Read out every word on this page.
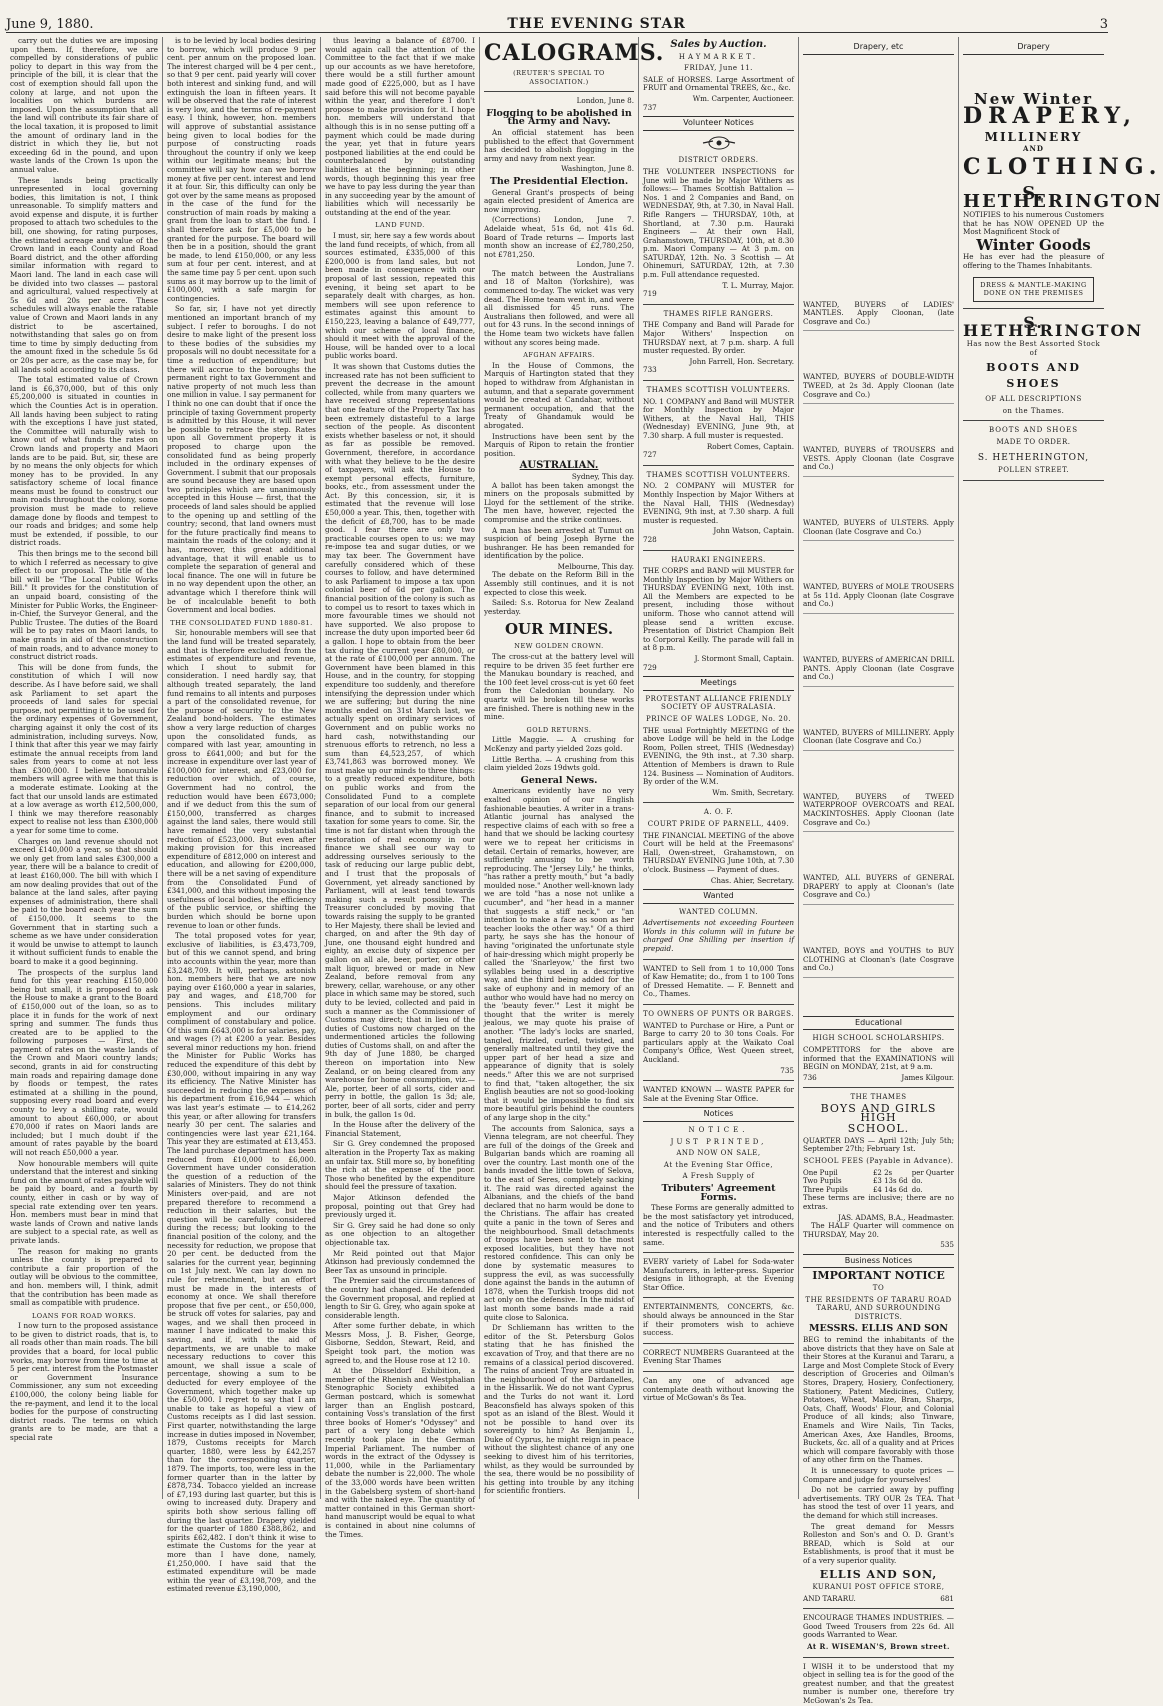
June 9, 1880.	THE EVENING STAR	3

carry out the duties we are imposing upon them. If, therefore, we are compelled by considerations of public policy to depart in this way from the principle of the bill, it is clear that the cost of exemption should fall upon the colony at large, and not upon the localities on which burdens are imposed. Upon the assumption that all the land will contribute its fair share of the local taxation, it is proposed to limit the amount of ordinary land in the district in which they lie, but not exceeding 6d in the pound, and upon waste lands of the Crown 1s upon the annual value.

These lands being practically unrepresented in local governing bodies, this limitation is not, I think unreasonable. To simplify matters and avoid expense and dispute, it is further proposed to attach two schedules to the bill, one showing, for rating purposes, the estimated acreage and value of the Crown land in each County and Road Board district, and the other affording similar information with regard to Maori land. The land in each case will be divided into two classes — pastoral and agricultural, valued respectively at 5s 6d and 20s per acre. These schedules will always enable the ratable value of Crown and Maori lands in any district to be ascertained, notwithstanding that sales go on from time to time by simply deducting from the amount fixed in the schedule 5s 6d or 20s per acre, as the case may be, for all lands sold according to its class.

The total estimated value of Crown land is £6,370,000, but of this only £5,200,000 is situated in counties in which the Counties Act is in operation. All lands having been subject to rating with the exceptions I have just stated, the Committee will naturally wish to know out of what funds the rates on Crown lands and property and Maori lands are to be paid. But, sir, these are by no means the only objects for which money has to be provided. In any satisfactory scheme of local finance means must be found to construct our main roads throughout the colony, some provision must be made to relieve damage done by floods and tempest to our roads and bridges; and some help must be extended, if possible, to our district roads.

This then brings me to the second bill to which I referred as necessary to give effect to our proposal. The title of the bill will be "The Local Public Works Bill." It provides for the constitution of an unpaid board, consisting of the Minister for Public Works, the Engineer-in-Chief, the Surveyor General, and the Public Trustee. The duties of the Board will be to pay rates on Maori lands, to make grants in aid of the construction of main roads, and to advance money to construct district roads.

This will be done from funds, the constitution of which I will now describe. As I have before said, we shall ask Parliament to set apart the proceeds of land sales for special purpose, not permitting it to be used for the ordinary expenses of Government, charging against it only the cost of its administration, including surveys. Now, I think that after this year we may fairly estimate the annual receipts from land sales from years to come at not less than £300,000. I believe honourable members will agree with me that this is a moderate estimate. Looking at the fact that our unsold lands are estimated at a low average as worth £12,500,000, I think we may therefore reasonably expect to realise not less than £300,000 a year for some time to come.

Charges on land revenue should not exceed £140,000 a year, so that should we only get from land sales £300,000 a year, there will be a balance to credit of at least £160,000. The bill with which I am now dealing provides that out of the balance at the land sales, after paying expenses of administration, there shall be paid to the board each year the sum of £150,000. It seems to the Government that in starting such a scheme as we have under consideration it would be unwise to attempt to launch it without sufficient funds to enable the board to make it a good beginning.

The prospects of the surplus land fund for this year reaching £150,000 being but small, it is proposed to ask the House to make a grant to the Board of £150,000 out of the loan, so as to place it in funds for the work of next spring and summer. The funds thus created are to be applied to the following purposes — First, the payment of rates on the waste lands of the Crown and Maori country lands; second, grants in aid for constructing main roads and repairing damage done by floods or tempest, the rates estimated at a shilling in the pound, supposing every road board and every county to levy a shilling rate, would amount to about £60,000, or about £70,000 if rates on Maori lands are included; but I much doubt if the amount of rates payable by the board will not reach £50,000 a year.

Now honourable members will quite understand that the interest and sinking fund on the amount of rates payable will be paid by board, and a fourth by county, either in cash or by way of special rate extending over ten years. Hon. members must bear in mind that waste lands of Crown and native lands are subject to a special rate, as well as private lands.

The reason for making no grants unless the county is prepared to contribute a fair proportion of the outlay will be obvious to the committee, and hon. members will, I think, admit that the contribution has been made as small as compatible with prudence.

LOANS FOR ROAD WORKS.

I now turn to the proposed assistance to be given to district roads, that is, to all roads other than main roads. The bill provides that a board, for local public works, may borrow from time to time at 5 per cent. interest from the Postmaster or Government Insurance Commissioner, any sum not exceeding £100,000, the colony being liable for the re-payment, and lend it to the local bodies for the purpose of constructing district roads. The terms on which grants are to be made, are that a special rate

is to be levied by local bodies desiring to borrow, which will produce 9 per cent. per annum on the proposed loan. The interest charged will be 4 per cent., so that 9 per cent. paid yearly will cover both interest and sinking fund, and will extinguish the loan in fifteen years. It will be observed that the rate of interest is very low, and the terms of re-payment easy. I think, however, hon. members will approve of substantial assistance being given to local bodies for the purpose of constructing roads throughout the country if only we keep within our legitimate means; but the committee will say how can we borrow money at five per cent. interest and lend it at four. Sir, this difficulty can only be got over by the same means as proposed in the case of the fund for the construction of main roads by making a grant from the loan to start the fund. I shall therefore ask for £5,000 to be granted for the purpose. The board will then be in a position, should the grant be made, to lend £150,000, or any less sum at four per cent. interest, and at the same time pay 5 per cent. upon such sums as it may borrow up to the limit of £100,000, with a safe margin for contingencies.

So far, sir, I have not yet directly mentioned an important branch of my subject. I refer to boroughs. I do not desire to make light of the present loss to these bodies of the subsidies my proposals will no doubt necessitate for a time a reduction of expenditure; but there will accrue to the boroughs the permanent right to tax Government and native property of not much less than one million in value. I say permanent for I think no one can doubt that if once the principle of taxing Government property is admitted by this House, it will never be possible to retrace the step. Rates upon all Government property it is proposed to charge upon the consolidated fund as being properly included in the ordinary expenses of Government. I submit that our proposals are sound because they are based upon two principles which are unanimously accepted in this House — first, that the proceeds of land sales should be applied to the opening up and settling of the country; second, that land owners must for the future practically find means to maintain the roads of the colony; and it has, moreover, this great additional advantage, that it will enable us to complete the separation of general and local finance. The one will in future be in no way dependent upon the other, an advantage which I therefore think will be of incalculable benefit to both Government and local bodies.

THE CONSOLIDATED FUND 1880-81.

Sir, honourable members will see that the land fund will be treated separately, and that is therefore excluded from the estimates of expenditure and revenue, which I shout to submit for consideration. I need hardly say, that although treated separately, the land fund remains to all intents and purposes a part of the consolidated revenue, for the purpose of security to the New Zealand bond-holders. The estimates show a very large reduction of charges upon the consolidated funds, as compared with last year, amounting in gross to £641,000; and but for the increase in expenditure over last year of £100,000 for interest, and £23,000 for reduction over which, of course, Government had no control, the reduction would have been £673,000; and if we deduct from this the sum of £150,000, transferred as charges against the land sales, there would still have remained the very substantial reduction of £523,000. But even after making provision for this increased expenditure of £812,000 on interest and education, and allowing for £200,000, there will be a net saving of expenditure from the Consolidated Fund of £341,000, and this without imposing the usefulness of local bodies, the efficiency of the public service, or shifting the burden which should be borne upon revenue to loan or other funds.

The total proposed votes for year, exclusive of liabilities, is £3,473,709, but of this we cannot spend, and bring into accounts within the year, more than £3,248,709. It will, perhaps, astonish hon. members here that we are now paying over £160,000 a year in salaries, pay and wages, and £18,700 for pensions. This includes military employment and our ordinary compliment of constabulary and police. Of this sum £643,000 is for salaries, pay, and wages (?) at £200 a year. Besides several minor reductions my hon. friend the Minister for Public Works has reduced the expenditure of this debt by £30,000, without impairing in any way its efficiency. The Native Minister has succeeded in reducing the expenses of his department from £16,944 — which was last year's estimate — to £14,262 this year, or after allowing for transfers nearly 30 per cent. The salaries and contingencies were last year £21,164. This year they are estimated at £13,453. The land purchase department has been reduced from £10,000 to £6,000. Government have under consideration the question of a reduction of the salaries of Ministers. They do not think Ministers over-paid, and are not prepared therefore to recommend a reduction in their salaries, but the question will be carefully considered during the recess; but looking to the financial position of the colony, and the necessity for reduction, we propose that 20 per cent. be deducted from the salaries for the current year, beginning on 1st July next. We can lay down no rule for retrenchment, but an effort must be made in the interests of economy at once. We shall therefore propose that five per cent., or £50,000, be struck off votes for salaries, pay and wages, and we shall then proceed in manner I have indicated to make this saving, and if, with the aid of departments, we are unable to make necessary reductions to cover this amount, we shall issue a scale of percentage, showing a sum to be deducted for every employee of the Government, which together make up the £50,000. I regret to say that I am unable to take as hopeful a view of Customs receipts as I did last session. First quarter, notwithstanding the large increase in duties imposed in November, 1879, Customs receipts for March quarter, 1880, were less by £42,257 than for the corresponding quarter, 1879. The imports, too, were less in the former quarter than in the latter by £878,734. Tobacco yielded an increase of £7,193 during last quarter, but this is owing to increased duty. Drapery and spirits both show serious falling off during the last quarter. Drapery yielded for the quarter of 1880 £388,862, and spirits £62,482. I don't think it wise to estimate the Customs for the year at more than I have done, namely, £1,250,000. I have said that the estimated expenditure will be made within the year of £3,198,709, and the estimated revenue £3,190,000,

thus leaving a balance of £8700. I would again call the attention of the Committee to the fact that if we make up our accounts as we have heretofore, there would be a still further amount made good of £225,000, but as I have said before this will not become payable within the year, and therefore I don't propose to make provision for it. I hope hon. members will understand that although this is in no sense putting off a payment which could be made during the year, yet that in future years postponed liabilities at the end could be counterbalanced by outstanding liabilities at the beginning; in other words, though beginning this year free we have to pay less during the year than in any succeeding year by the amount of liabilities which will necessarily be outstanding at the end of the year.

LAND FUND.

I must, sir, here say a few words about the land fund receipts, of which, from all sources estimated, £335,000 of this £200,000 is from land sales, but not been made in consequence with our proposal of last session, repeated this evening, it being set apart to be separately dealt with charges, as hon. members will see upon reference to estimates against this amount to £150,223, leaving a balance of £49,777, which our scheme of local finance, should it meet with the approval of the House, will be handed over to a local public works board.

It was shown that Customs duties the increased rate has not been sufficient to prevent the decrease in the amount collected, while from many quarters we have received strong representations that one feature of the Property Tax has been extremely distasteful to a large section of the people. As discontent exists whether baseless or not, it should as far as possible be removed. Government, therefore, in accordance with what they believe to be the desire of taxpayers, will ask the House to exempt personal effects, furniture, books, etc., from assessment under the Act. By this concession, sir, it is estimated that the revenue will lose £50,000 a year. This, then, together with the deficit of £8,700, has to be made good. I fear there are only two practicable courses open to us: we may re-impose tea and sugar duties, or we may tax beer. The Government have carefully considered which of these courses to follow, and have determined to ask Parliament to impose a tax upon colonial beer of 6d per gallon. The financial position of the colony is such as to compel us to resort to taxes which in more favourable times we should not have supported. We also propose to increase the duty upon imported beer 6d a gallon. I hope to obtain from the beer tax during the current year £80,000, or at the rate of £100,000 per annum. The Government have been blamed in this House, and in the country, for stopping expenditure too suddenly, and therefore intensifying the depression under which we are suffering; but during the nine months ended on 31st March last, we actually spent on ordinary services of Government and on public works no hard cash, notwithstanding our strenuous efforts to retrench, no less a sum than £4,523,257, of which £3,741,863 was borrowed money. We must make up our minds to three things: to a greatly reduced expenditure, both on public works and from the Consolidated Fund to a complete separation of our local from our general finance, and to submit to increased taxation for some years to come. Sir, the time is not far distant when through the restoration of real economy in our finance we shall see our way to addressing ourselves seriously to the task of reducing our large public debt, and I trust that the proposals of Government, yet already sanctioned by Parliament, will at least tend towards making such a result possible. The Treasurer concluded by moving that towards raising the supply to be granted to Her Majesty, there shall be levied and charged, on and after the 9th day of June, one thousand eight hundred and eighty, an excise duty of sixpence per gallon on all ale, beer, porter, or other malt liquor, brewed or made in New Zealand, before removal from any brewery, cellar, warehouse, or any other place in which same may be stored, such duty to be levied, collected and paid in such a manner as the Commissioner of Customs may direct; that in lieu of the duties of Customs now charged on the undermentioned articles the following duties of Customs shall, on and after the 9th day of June 1880, be charged thereon on importation into New Zealand, or on being cleared from any warehouse for home consumption, viz.— Ale, porter, beer of all sorts, cider and perry in bottle, the gallon 1s 3d; ale, porter, beer of all sorts, cider and perry in bulk, the gallon 1s 0d.

In the House after the delivery of the Financial Statement,

Sir G. Grey condemned the proposed alteration in the Property Tax as making an unfair tax. Still more so, by bonefiting the rich at the expense of the poor. Those who benefited by the expenditure should feel the pressure of taxation.

Major Atkinson defended the proposal, pointing out that Grey had previously urged it.

Sir G. Grey said he had done so only as one objection to an altogether objectionable tax.

Mr Reid pointed out that Major Atkinson had previously condemned the Beer Tax as unsound in principle.

The Premier said the circumstances of the country had changed. He defended the Government proposal, and replied at length to Sir G. Grey, who again spoke at considerable length.

After some further debate, in which Messrs Moss, J. B. Fisher, George, Gisborne, Seddon, Stewart, Reid, and Speight took part, the motion was agreed to, and the House rose at 12 10.

At the Düsseldorf Exhibition, a member of the Rhenish and Westphalian Stenographic Society exhibited a German postcard, which is somewhat larger than an English postcard, containing Voss's translation of the first three books of Homer's "Odyssey" and part of a very long debate which recently took place in the German Imperial Parliament. The number of words in the extract of the Odyssey is 11,000, while in the Parliamentary debate the number is 22,000. The whole of the 33,000 words have been written in the Gabelsberg system of short-hand and with the naked eye. The quantity of matter contained in this German short-hand manuscript would be equal to what is contained in about nine columns of the Times.

CALOGRAMS.
(REUTER'S SPECIAL TO ASSOCIATION.)
London, June 8.
Flogging to be abolished in the Army and Navy.

An official statement has been published to the effect that Government has decided to abolish flogging in the army and navy from next year.

Washington, June 8.
The Presidential Election.

General Grant's prospects of being again elected president of America are now improving.

(Corrections) London, June 7. Adelaide wheat, 51s 6d, not 41s 6d. Board of Trade returns — Imports last month show an increase of £2,780,250, not £781,250.

London, June 7.

The match between the Australians and 18 of Malton (Yorkshire), was commenced to-day. The wicket was very dead. The Home team went in, and were all dismissed for 45 runs. The Australians then followed, and were all out for 43 runs. In the second innings of the Home team two wickets have fallen without any scores being made.

AFGHAN AFFAIRS.

In the House of Commons, the Marquis of Hartington stated that they hoped to withdraw from Afghanistan in autumn, and that a separate government would be created at Candahar, without permanent occupation, and that the Treaty of Ghandamuk would be abrogated.

Instructions have been sent by the Marquis of Ripon to retain the frontier position.

AUSTRALIAN.
Sydney, This day.

A ballot has been taken amongst the miners on the proposals submitted by Lloyd for the settlement of the strike. The men have, however, rejected the compromise and the strike continues.

A man has been arrested at Tumut on suspicion of being Joseph Byrne the bushranger. He has been remanded for identification by the police.

Melbourne, This day.

The debate on the Reform Bill in the Assembly still continues, and it is not expected to close this week.

Sailed: S.s. Rotorua for New Zealand yesterday.

OUR MINES.
NEW GOLDEN CROWN.

The cross-cut at the battery level will require to be driven 35 feet further ere the Manukau boundary is reached, and the 100 feet level cross-cut is yet 60 feet from the Caledonian boundary. No quartz will be broken till these works are finished. There is nothing new in the mine.

GOLD RETURNS.

Little Maggie. — A crushing for McKenzy and party yielded 2ozs gold.

Little Bertha. — A crushing from this claim yielded 2ozs 19dwts gold.

General News.

Americans evidently have no very exalted opinion of our English fashionable beauties. A writer in a trans-Atlantic journal has analysed the respective claims of each with so free a hand that we should be lacking courtesy were we to repeat her criticisms in detail. Certain of remarks, however, are sufficiently amusing to be worth reproducing. The "Jersey Lily," he thinks, "has rather a pretty mouth," but "a badly moulded nose." Another well-known lady we are told "has a nose not unlike a cucumber", and "her head in a manner that suggests a stiff neck," or "an intention to make a face as soon as her teacher looks the other way." Of a third party, he says she has the honour of having "originated the unfortunate style of hair-dressing which might properly be called the 'Snarleyow,' the first two syllables being used in a descriptive way, and the third being added for the sake of euphony and in memory of an author who would have had no mercy on the 'beauty fever.'" Lest it might be thought that the writer is merely jealous, we may quote his praise of another. "The lady's locks are snarled, tangled, frizzled, curled, twisted, and generally maltreated until they give the upper part of her head a size and appearance of dignity that is solely needs." After this we are not surprised to find that, "taken altogether, the six English beauties are not so good-looking that it would be impossible to find six more beautiful girls behind the counters of any large shop in the city."

The accounts from Salonica, says a Vienna telegram, are not cheerful. They are full of the doings of the Greek and Bulgarian bands which are roaming all over the country. Last month one of the bands invaded the little town of Selova, to the east of Seres, completely sacking it. The raid was directed against the Albanians, and the chiefs of the band declared that no harm would be done to the Christians. The affair has created quite a panic in the town of Seres and the neighbourhood. Small detachments of troops have been sent to the most exposed localities, but they have not restored confidence. This can only be done by systematic measures to suppress the evil, as was successfully done against the bands in the autumn of 1878, when the Turkish troops did not act only on the defensive. In the midst of last month some bands made a raid quite close to Salonica.

Dr Schliemann has written to the editor of the St. Petersburg Golos stating that he has finished the excavation of Troy, and that there are no remains of a classical period discovered. The ruins of ancient Troy are situated in the neighbourhood of the Dardanelles, in the Hissarlik. We do not want Cyprus and the Turks do not want it. Lord Beaconsfield has always spoken of this spot as an island of the Blest. Would it not be possible to hand over its sovereignty to him? As Benjamin I., Duke of Cyprus, he might reign in peace without the slightest chance of any one seeking to divest him of his territories, whilst, as they would be surrounded by the sea, there would be no possibility of his getting into trouble by any itching for scientific frontiers.

Sales by Auction.
HAYMARKET.
FRIDAY, June 11.

SALE of HORSES. Large Assortment of FRUIT and Ornamental TREES, &c., &c.

Wm. Carpenter, Auctioneer.
737
Volunteer Notices
DISTRICT ORDERS.

THE VOLUNTEER INSPECTIONS for June will be made by Major Withers as follows:— Thames Scottish Battalion — Nos. 1 and 2 Companies and Band, on WEDNESDAY, 9th, at 7.30, in Naval Hall. Rifle Rangers — THURSDAY, 10th, at Shortland, at 7.30 p.m. Hauraki Engineers — At their own Hall, Grahamstown, THURSDAY, 10th, at 8.30 p.m. Maori Company — At 3 p.m. on SATURDAY, 12th. No. 3 Scottish — At Ohinemuri, SATURDAY, 12th, at 7.30 p.m. Full attendance requested.

T. L. Murray, Major.
719
THAMES RIFLE RANGERS.

THE Company and Band will Parade for Major Withers' Inspection on THURSDAY next, at 7 p.m. sharp. A full muster requested. By order.

John Farrell, Hon. Secretary.
733
THAMES SCOTTISH VOLUNTEERS.

NO. 1 COMPANY and Band will MUSTER for Monthly Inspection by Major Withers, at the Naval Hall, THIS (Wednesday) EVENING, June 9th, at 7.30 sharp. A full muster is requested.

Robert Comes, Captain.
727
THAMES SCOTTISH VOLUNTEERS.

NO. 2 COMPANY will MUSTER for Monthly Inspection by Major Withers at the Naval Hall, THIS (Wednesday) EVENING, 9th inst, at 7.30 sharp. A full muster is requested.

John Watson, Captain.
728
HAURAKI ENGINEERS.

THE CORPS and BAND will MUSTER for Monthly Inspection by Major Withers on THURSDAY EVENING next, 10th inst. All the Members are expected to be present, including those without uniform. Those who cannot attend will please send a written excuse. Presentation of District Champion Belt to Corporal Keilly. The parade will fall in at 8 p.m.

J. Stormont Small, Captain.
729
Meetings
PROTESTANT ALLIANCE FRIENDLY SOCIETY OF AUSTRALASIA.
PRINCE OF WALES LODGE, No. 20.

THE usual Fortnightly MEETING of the above Lodge will be held in the Lodge Room, Pollen street, THIS (Wednesday) EVENING, the 9th inst., at 7.30 sharp. Attention of Members is drawn to Rule 124. Business — Nomination of Auditors. By order of the W.M.

Wm. Smith, Secretary.
A. O. F.
COURT PRIDE OF PARNELL, 4409.

THE FINANCIAL MEETING of the above Court will be held at the Freemasons' Hall, Owen-street, Grahamstown, on THURSDAY EVENING June 10th, at 7.30 o'clock. Business — Payment of dues.

Chas. Ahier, Secretary.
Wanted
WANTED COLUMN.

Advertisements not exceeding Fourteen Words in this column will in future be charged One Shilling per insertion if prepaid.

WANTED to Sell from 1 to 10,000 Tons of Kaw Hematite; do., from 1 to 100 Tons of Dressed Hematite. — F. Bennett and Co., Thames.

TO OWNERS OF PUNTS OR BARGES.

WANTED to Purchase or Hire, a Punt or Barge to carry 20 to 30 tons Coals. For particulars apply at the Waikato Coal Company's Office, West Queen street, Auckland.

735

WANTED KNOWN — WASTE PAPER for Sale at the Evening Star Office.

Notices
NOTICE.
JUST PRINTED,
AND NOW ON SALE,
At the Evening Star Office,
A Fresh Supply of
Tributers' Agreement Forms.

These Forms are generally admitted to be the most satisfactory yet introduced, and the notice of Tributers and others interested is respectfully called to the same.

EVERY variety of Label for Soda-water Manufacturers, in letter-press. Superior designs in lithograph, at the Evening Star Office.

ENTERTAINMENTS, CONCERTS, &c. should always be announced in the Star if their promoters wish to achieve success.

CORRECT NUMBERS Guaranteed at the Evening Star Thames

Can any one of advanced age contemplate death without knowing the virtue of McGowan's 8s Tea.

Drapery, etc
WANTED, BUYERS of LADIES' MANTLES. Apply Cloonan, (late Cosgrave and Co.)
WANTED, BUYERS of DOUBLE-WIDTH TWEED, at 2s 3d. Apply Cloonan (late Cosgrave and Co.)
WANTED, BUYERS of TROUSERS and VESTS. Apply Cloonan (late Cosgrave and Co.)
WANTED, BUYERS of ULSTERS. Apply Cloonan (late Cosgrave and Co.)
WANTED, BUYERS of MOLE TROUSERS at 5s 11d. Apply Cloonan (late Cosgrave and Co.)
WANTED, BUYERS of AMERICAN DRILL PANTS. Apply Cloonan (late Cosgrave and Co.)
WANTED, BUYERS of MILLINERY. Apply Cloonan (late Cosgrave and Co.)
WANTED, BUYERS of TWEED WATERPROOF OVERCOATS and REAL MACKINTOSHES. Apply Cloonan (late Cosgrave and Co.)
WANTED, ALL BUYERS of GENERAL DRAPERY to apply at Cloonan's (late Cosgrave and Co.)
WANTED, BOYS and YOUTHS to BUY CLOTHING at Cloonan's (late Cosgrave and Co.)
Educational
HIGH SCHOOL SCHOLARSHIPS.

COMPETITORS for the above are informed that the EXAMINATIONS will BEGIN on MONDAY, 21st, at 9 a.m.

736	James Kilgour.
THE THAMES
BOYS AND GIRLS HIGH
SCHOOL.

QUARTER DAYS — April 12th; July 5th; September 27th; February 1st.

SCHOOL FEES (Payable in Advance).
One Pupil	£2 2s	per Quarter
Two Pupils	£3 13s 6d do.
Three Pupils	£4 14s 6d do.

These terms are inclusive; there are no extras.

JAS. ADAMS, B.A., Headmaster.

The HALF Quarter will commence on THURSDAY, May 20.

535
Business Notices
IMPORTANT NOTICE
TO
THE RESIDENTS OF TARARU ROAD TARARU, AND SURROUNDING DISTRICTS.
MESSRS. ELLIS AND SON

BEG to remind the inhabitants of the above districts that they have on Sale at their Stores at the Kuranui and Tararu, a Large and Most Complete Stock of Every description of Groceries and Oilman's Stores, Drapery, Hosiery, Confectionery, Stationery, Patent Medicines, Cutlery, Potatoes, Wheat, Maize, Bran, Sharps, Oats, Chaff, Woods' Flour, and Colonial Produce of all kinds; also Tinware, Enamels and Wire Nails, Tin Tacks, American Axes, Axe Handles, Brooms, Buckets, &c. all of a quality and at Prices which will compare favorably with those of any other firm on the Thames.

It is unnecessary to quote prices — Compare and judge for yourselves!

Do not be carried away by puffing advertisements. TRY OUR 2s TEA. That has stood the test of over 11 years, and the demand for which still increases.

The great demand for Messrs Rolleston and Son's and O. D. Grant's BREAD, which is Sold at our Establishments, is proof that it must be of a very superior quality.

ELLIS AND SON,
KURANUI POST OFFICE STORE,
AND TARARU.	681

ENCOURAGE THAMES INDUSTRIES. — Good Tweed Trousers from 22s 6d. All goods Warranted to Wear.

At R. WISEMAN'S, Brown street.

I WISH it to be understood that my object in selling tea is for the good of the greatest number, and that the greatest number is number one, therefore try McGowan's 2s Tea.

Drapery
New Winter
DRAPERY,
MILLINERY
AND
CLOTHING.
S. HETHERINGTON

NOTIFIES to his numerous Customers that he has NOW OPENED UP the Most Magnificent Stock of

Winter Goods

He has ever had the pleasure of offering to the Thames Inhabitants.

DRESS & MANTLE-MAKING DONE ON THE PREMISES
S. HETHERINGTON
Has now the Best Assorted Stock of
BOOTS AND SHOES
OF ALL DESCRIPTIONS
on the Thames.
BOOTS AND SHOES
MADE TO ORDER.
S. HETHERINGTON,
POLLEN STREET.
